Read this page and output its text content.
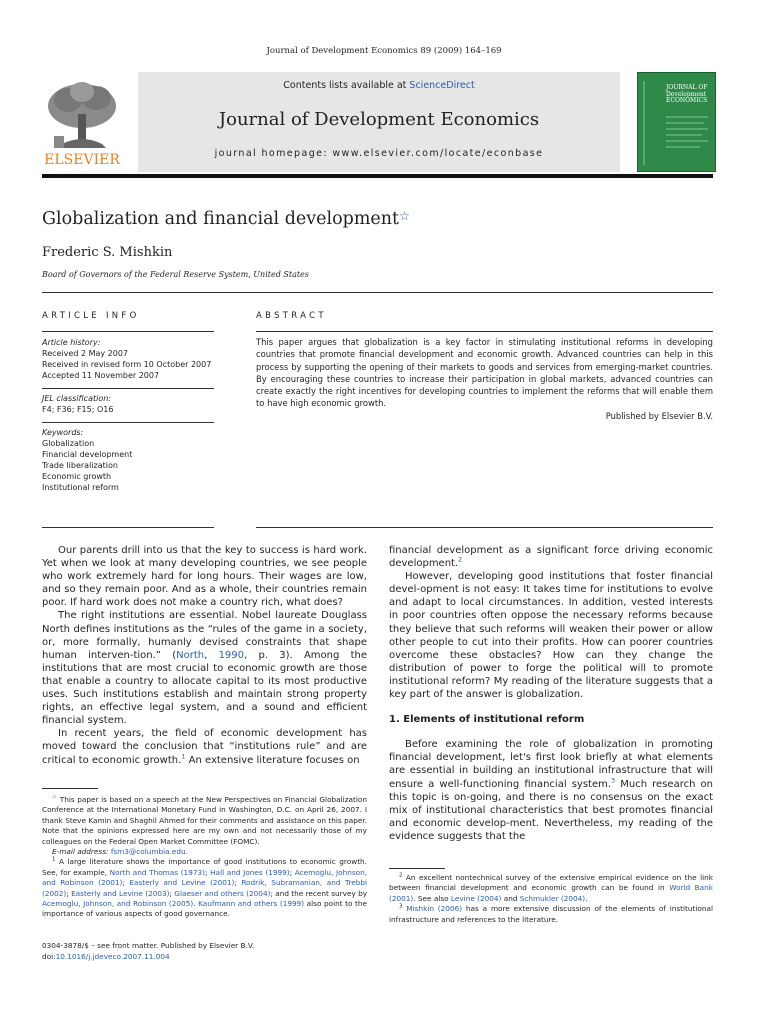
Journal of Development Economics 89 (2009) 164–169
Contents lists available at ScienceDirect
Journal of Development Economics
journal homepage: www.elsevier.com/locate/econbase
ELSEVIER
JOURNAL OF Development ECONOMICS
Globalization and financial development☆
Frederic S. Mishkin
Board of Governors of the Federal Reserve System, United States
ARTICLE INFO	ABSTRACT
Article history:
Received 2 May 2007
Received in revised form 10 October 2007
Accepted 11 November 2007
JEL classification:
F4; F36; F15; O16
Keywords:
Globalization
Financial development
Trade liberalization
Economic growth
Institutional reform
This paper argues that globalization is a key factor in stimulating institutional reforms in developing countries that promote financial development and economic growth. Advanced countries can help in this process by supporting the opening of their markets to goods and services from emerging-market countries. By encouraging these countries to increase their participation in global markets, advanced countries can create exactly the right incentives for developing countries to implement the reforms that will enable them to have high economic growth.
Published by Elsevier B.V.

Our parents drill into us that the key to success is hard work. Yet when we look at many developing countries, we see people who work extremely hard for long hours. Their wages are low, and so they remain poor. And as a whole, their countries remain poor. If hard work does not make a country rich, what does?

The right institutions are essential. Nobel laureate Douglass North defines institutions as the “rules of the game in a society, or, more formally, humanly devised constraints that shape human interven-tion.” (North, 1990, p. 3). Among the institutions that are most crucial to economic growth are those that enable a country to allocate capital to its most productive uses. Such institutions establish and maintain strong property rights, an effective legal system, and a sound and efficient financial system.

In recent years, the field of economic development has moved toward the conclusion that “institutions rule” and are critical to economic growth.$^1$ An extensive literature focuses on

financial development as a significant force driving economic development.$^2$

However, developing good institutions that foster financial devel-opment is not easy: It takes time for institutions to evolve and adapt to local circumstances. In addition, vested interests in poor countries often oppose the necessary reforms because they believe that such reforms will weaken their power or allow other people to cut into their profits. How can poorer countries overcome these obstacles? How can they change the distribution of power to forge the political will to promote institutional reform? My reading of the literature suggests that a key part of the answer is globalization.

1. Elements of institutional reform

Before examining the role of globalization in promoting financial development, let's first look briefly at what elements are essential in building an institutional infrastructure that will ensure a well-functioning financial system.$^3$ Much research on this topic is on-going, and there is no consensus on the exact mix of institutional characteristics that best promotes financial and economic develop-ment. Nevertheless, my reading of the evidence suggests that the

☆ This paper is based on a speech at the New Perspectives on Financial Globalization Conference at the International Monetary Fund in Washington, D.C. on April 26, 2007. I thank Steve Kamin and Shaghil Ahmed for their comments and assistance on this paper. Note that the opinions expressed here are my own and not necessarily those of my colleagues on the Federal Open Market Committee (FOMC).

E-mail address: fsm3@columbia.edu.

$^1$ A large literature shows the importance of good institutions to economic growth. See, for example, North and Thomas (1973); Hall and Jones (1999); Acemoglu, Johnson, and Robinson (2001); Easterly and Levine (2001); Rodrik, Subramanian, and Trebbi (2002); Easterly and Levine (2003); Glaeser and others (2004); and the recent survey by Acemoglu, Johnson, and Robinson (2005). Kaufmann and others (1999) also point to the importance of various aspects of good governance.

$^2$ An excellent nontechnical survey of the extensive empirical evidence on the link between financial development and economic growth can be found in World Bank (2001). See also Levine (2004) and Schmukler (2004).

$^3$ Mishkin (2006) has a more extensive discussion of the elements of institutional infrastructure and references to the literature.

0304-3878/$ – see front matter. Published by Elsevier B.V.
doi:10.1016/j.jdeveco.2007.11.004
